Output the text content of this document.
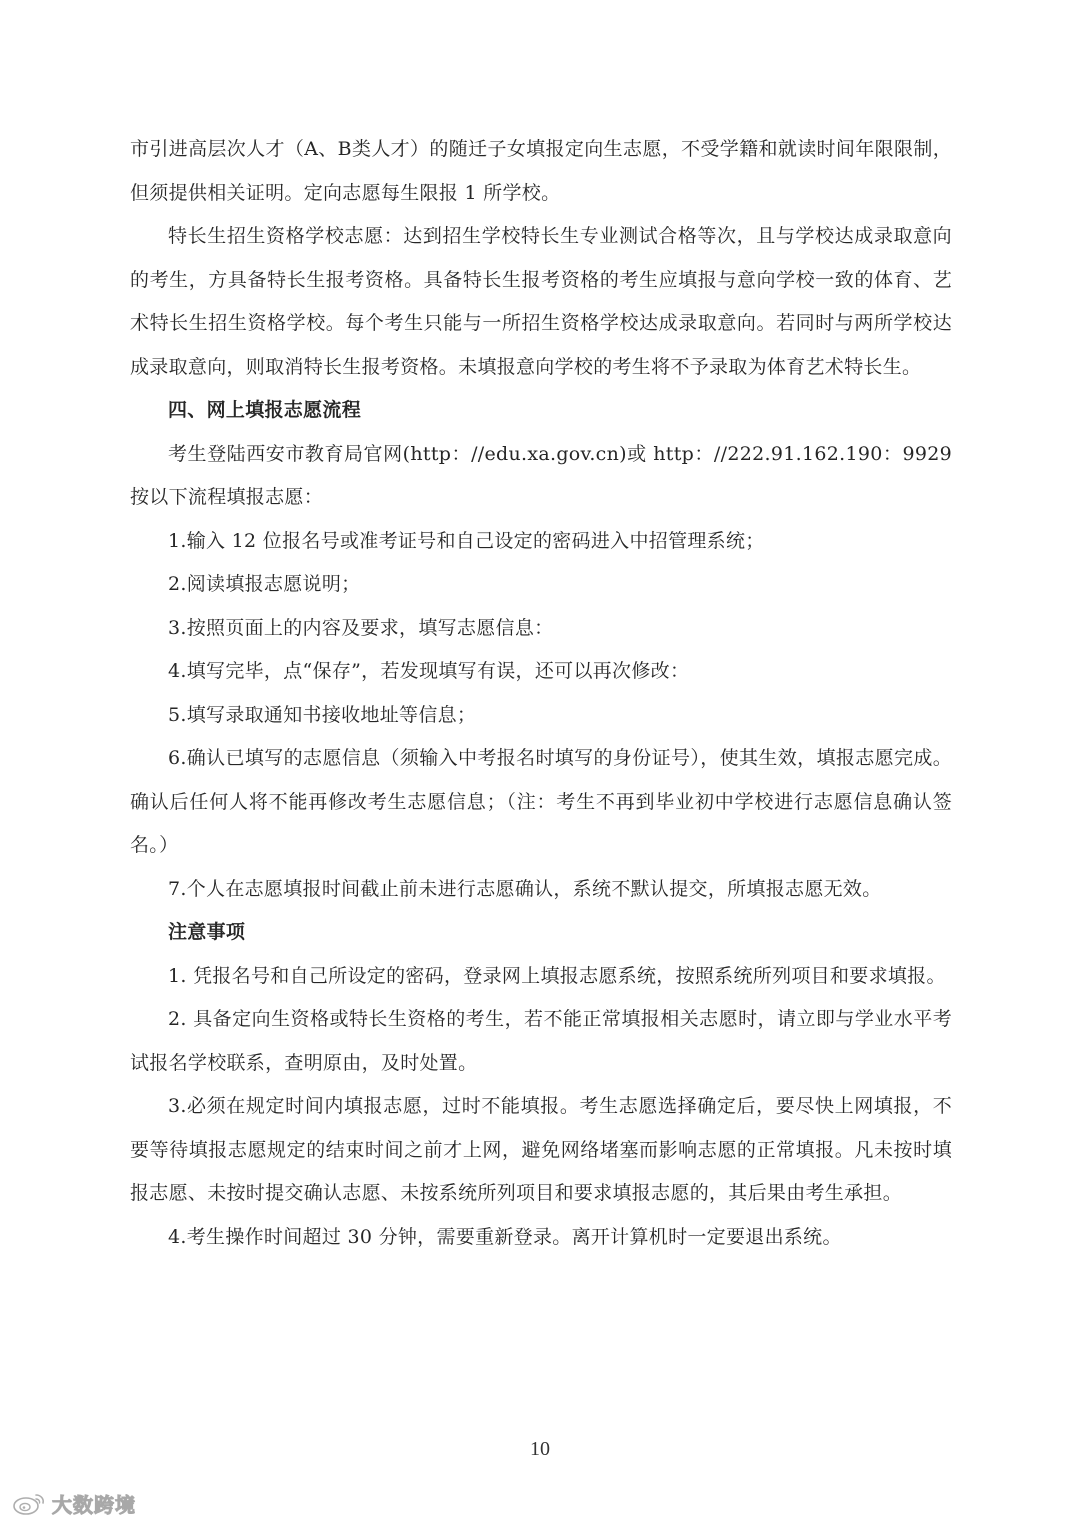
市引进高层次人才（A、B类人才）的随迁子女填报定向生志愿，不受学籍和就读时间年限限制，但须提供相关证明。定向志愿每生限报 1 所学校。

特长生招生资格学校志愿：达到招生学校特长生专业测试合格等次，且与学校达成录取意向的考生，方具备特长生报考资格。具备特长生报考资格的考生应填报与意向学校一致的体育、艺术特长生招生资格学校。每个考生只能与一所招生资格学校达成录取意向。若同时与两所学校达成录取意向，则取消特长生报考资格。未填报意向学校的考生将不予录取为体育艺术特长生。

四、网上填报志愿流程

考生登陆西安市教育局官网(http：//edu.xa.gov.cn)或 http：//222.91.162.190：9929 按以下流程填报志愿：

1.输入 12 位报名号或准考证号和自己设定的密码进入中招管理系统；

2.阅读填报志愿说明；

3.按照页面上的内容及要求，填写志愿信息：

4.填写完毕，点“保存”，若发现填写有误，还可以再次修改：

5.填写录取通知书接收地址等信息；

6.确认已填写的志愿信息（须输入中考报名时填写的身份证号），使其生效，填报志愿完成。确认后任何人将不能再修改考生志愿信息；（注：考生不再到毕业初中学校进行志愿信息确认签名。）

7.个人在志愿填报时间截止前未进行志愿确认，系统不默认提交，所填报志愿无效。

注意事项

1. 凭报名号和自己所设定的密码，登录网上填报志愿系统，按照系统所列项目和要求填报。

2. 具备定向生资格或特长生资格的考生，若不能正常填报相关志愿时，请立即与学业水平考试报名学校联系，查明原由，及时处置。

3.必须在规定时间内填报志愿，过时不能填报。考生志愿选择确定后，要尽快上网填报，不要等待填报志愿规定的结束时间之前才上网，避免网络堵塞而影响志愿的正常填报。凡未按时填报志愿、未按时提交确认志愿、未按系统所列项目和要求填报志愿的，其后果由考生承担。

4.考生操作时间超过 30 分钟，需要重新登录。离开计算机时一定要退出系统。

10
大数跨境
